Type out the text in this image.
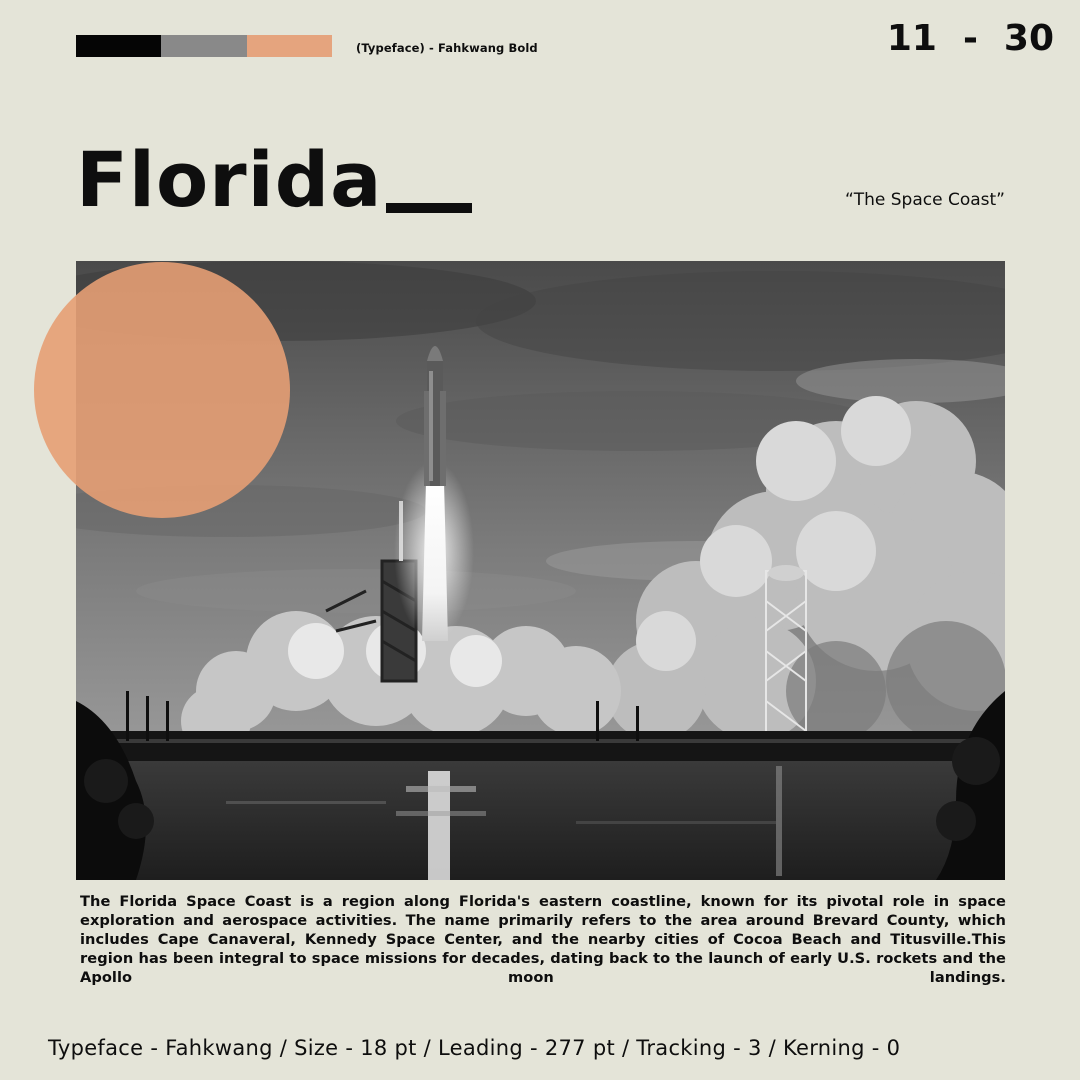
(Typeface) - Fahkwang Bold	11 - 30
Florida	“The Space Coast”
The Florida Space Coast is a region along Florida's eastern coastline, known for its pivotal role in space exploration and aerospace activities. The name primarily refers to the area around Brevard County, which includes Cape Canaveral, Kennedy Space Center, and the nearby cities of Cocoa Beach and Titusville.This region has been integral to space missions for decades, dating back to the launch of early U.S. rockets and the Apollo moon landings.
Typeface - Fahkwang / Size - 18 pt / Leading - 277 pt / Tracking - 3 / Kerning - 0
